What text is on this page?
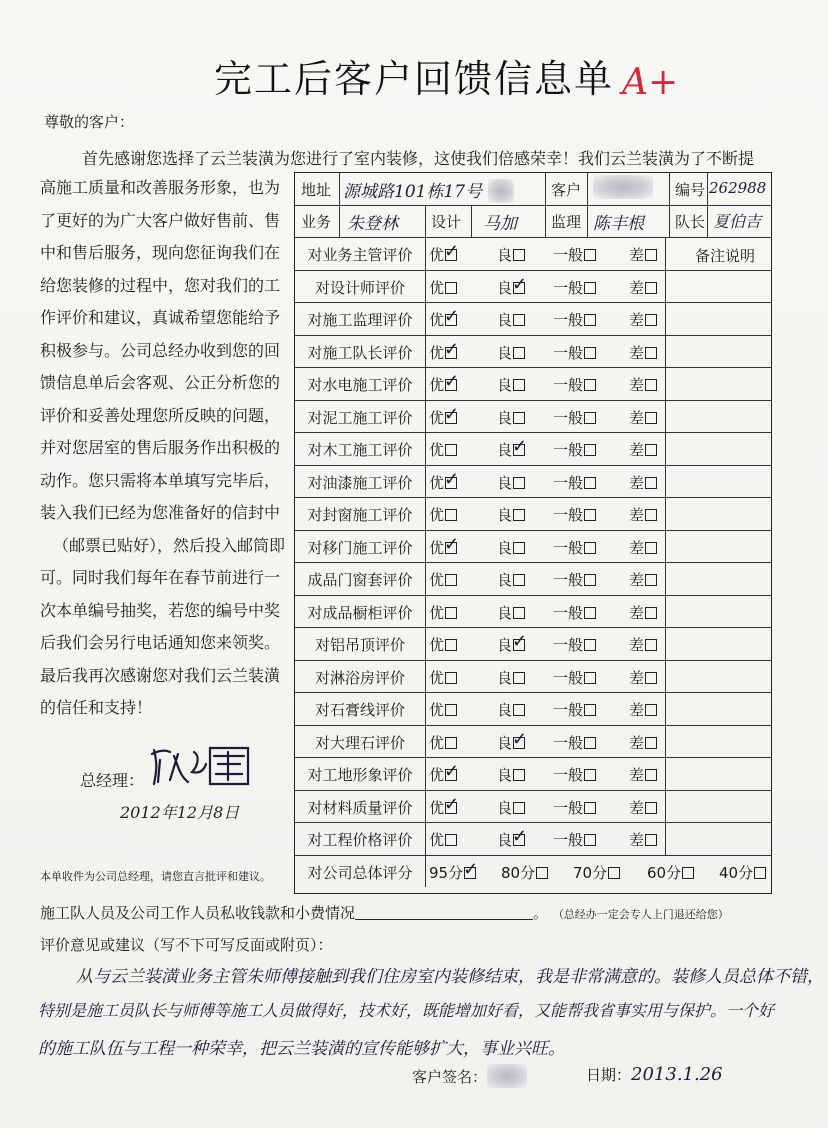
完工后客户回馈信息单 A+
尊敬的客户：
首先感谢您选择了云兰装潢为您进行了室内装修，这使我们倍感荣幸！我们云兰装潢为了不断提
高施工质量和改善服务形象，也为
了更好的为广大客户做好售前、售
中和售后服务，现向您征询我们在
给您装修的过程中，您对我们的工
作评价和建议，真诚希望您能给予
积极参与。公司总经办收到您的回
馈信息单后会客观、公正分析您的
评价和妥善处理您所反映的问题，
并对您居室的售后服务作出积极的
动作。您只需将本单填写完毕后，
装入我们已经为您准备好的信封中
（邮票已贴好），然后投入邮筒即
可。同时我们每年在春节前进行一
次本单编号抽奖，若您的编号中奖
后我们会另行电话通知您来领奖。
最后我再次感谢您对我们云兰装潢
的信任和支持！
总经理：
2012年12月8日
本单收件为公司总经理，请您直言批评和建议。
地址 源城路101栋17号	客户	编号 262988
业务 朱登林 设计 马加 监理 陈丰根 队长 夏伯吉
备注说明
对业务主管评价	优 ✓	良	一般	差
对设计师评价	优	良 ✓ 一般	差
对施工监理评价	优 ✓	良	一般	差
对施工队长评价	优 ✓	良	一般	差
对水电施工评价	优 ✓	良	一般	差
对泥工施工评价	优 ✓	良	一般	差
对木工施工评价	优	良 ✓ 一般	差
对油漆施工评价	优 ✓	良	一般	差
对封窗施工评价	优	良	一般	差
对移门施工评价	优 ✓	良	一般	差
成品门窗套评价	优	良	一般	差
对成品橱柜评价	优	良	一般	差
对铝吊顶评价	优	良 ✓ 一般	差
对淋浴房评价	优	良	一般	差
对石膏线评价	优	良	一般	差
对大理石评价	优	良 ✓ 一般	差
对工地形象评价	优 ✓	良	一般	差
对材料质量评价	优 ✓	良	一般	差
对工程价格评价	优	良 ✓ 一般	差
对公司总体评分	95分 ✓ 80分	70分	60分	40分
施工队人员及公司工作人员私收钱款和小费情况	。 （总经办一定会专人上门退还给您）
评价意见或建议（写不下可写反面或附页）：
从与云兰装潢业务主管朱师傅接触到我们住房室内装修结束，我是非常满意的。装修人员总体不错，
特别是施工员队长与师傅等施工人员做得好，技术好，既能增加好看，又能帮我省事实用与保护。一个好
的施工队伍与工程一种荣幸，把云兰装潢的宣传能够扩大，事业兴旺。
客户签名：	日期：2013.1.26
